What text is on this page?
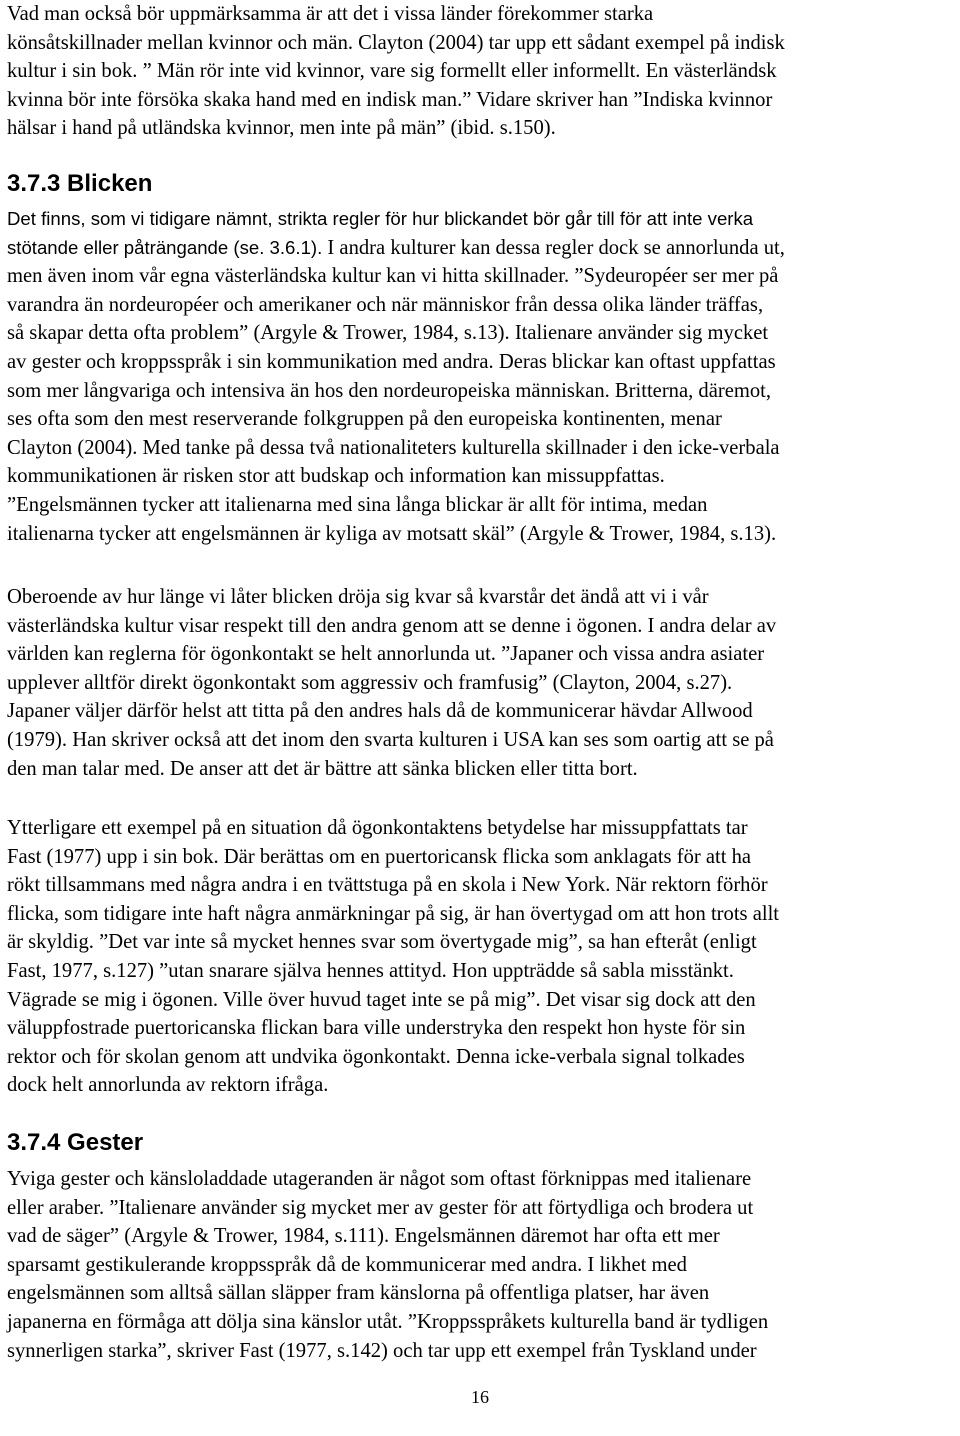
Vad man också bör uppmärksamma är att det i vissa länder förekommer starka
könsåtskillnader mellan kvinnor och män. Clayton (2004) tar upp ett sådant exempel på indisk
kultur i sin bok. ” Män rör inte vid kvinnor, vare sig formellt eller informellt. En västerländsk
kvinna bör inte försöka skaka hand med en indisk man.” Vidare skriver han ”Indiska kvinnor
hälsar i hand på utländska kvinnor, men inte på män” (ibid. s.150).
3.7.3 Blicken
Det finns, som vi tidigare nämnt, strikta regler för hur blickandet bör går till för att inte verka
stötande eller påträngande (se. 3.6.1). I andra kulturer kan dessa regler dock se annorlunda ut,
men även inom vår egna västerländska kultur kan vi hitta skillnader. ”Sydeuropéer ser mer på
varandra än nordeuropéer och amerikaner och när människor från dessa olika länder träffas,
så skapar detta ofta problem” (Argyle & Trower, 1984, s.13). Italienare använder sig mycket
av gester och kroppsspråk i sin kommunikation med andra. Deras blickar kan oftast uppfattas
som mer långvariga och intensiva än hos den nordeuropeiska människan. Britterna, däremot,
ses ofta som den mest reserverande folkgruppen på den europeiska kontinenten, menar
Clayton (2004). Med tanke på dessa två nationaliteters kulturella skillnader i den icke-verbala
kommunikationen är risken stor att budskap och information kan missuppfattas.
”Engelsmännen tycker att italienarna med sina långa blickar är allt för intima, medan
italienarna tycker att engelsmännen är kyliga av motsatt skäl” (Argyle & Trower, 1984, s.13).
Oberoende av hur länge vi låter blicken dröja sig kvar så kvarstår det ändå att vi i vår
västerländska kultur visar respekt till den andra genom att se denne i ögonen. I andra delar av
världen kan reglerna för ögonkontakt se helt annorlunda ut. ”Japaner och vissa andra asiater
upplever alltför direkt ögonkontakt som aggressiv och framfusig” (Clayton, 2004, s.27).
Japaner väljer därför helst att titta på den andres hals då de kommunicerar hävdar Allwood
(1979). Han skriver också att det inom den svarta kulturen i USA kan ses som oartig att se på
den man talar med. De anser att det är bättre att sänka blicken eller titta bort.
Ytterligare ett exempel på en situation då ögonkontaktens betydelse har missuppfattats tar
Fast (1977) upp i sin bok. Där berättas om en puertoricansk flicka som anklagats för att ha
rökt tillsammans med några andra i en tvättstuga på en skola i New York. När rektorn förhör
flicka, som tidigare inte haft några anmärkningar på sig, är han övertygad om att hon trots allt
är skyldig. ”Det var inte så mycket hennes svar som övertygade mig”, sa han efteråt (enligt
Fast, 1977, s.127) ”utan snarare själva hennes attityd. Hon uppträdde så sabla misstänkt.
Vägrade se mig i ögonen. Ville över huvud taget inte se på mig”. Det visar sig dock att den
väluppfostrade puertoricanska flickan bara ville understryka den respekt hon hyste för sin
rektor och för skolan genom att undvika ögonkontakt. Denna icke-verbala signal tolkades
dock helt annorlunda av rektorn ifråga.
3.7.4 Gester
Yviga gester och känsloladdade utageranden är något som oftast förknippas med italienare
eller araber. ”Italienare använder sig mycket mer av gester för att förtydliga och brodera ut
vad de säger” (Argyle & Trower, 1984, s.111). Engelsmännen däremot har ofta ett mer
sparsamt gestikulerande kroppsspråk då de kommunicerar med andra. I likhet med
engelsmännen som alltså sällan släpper fram känslorna på offentliga platser, har även
japanerna en förmåga att dölja sina känslor utåt. ”Kroppsspråkets kulturella band är tydligen
synnerligen starka”, skriver Fast (1977, s.142) och tar upp ett exempel från Tyskland under
16
